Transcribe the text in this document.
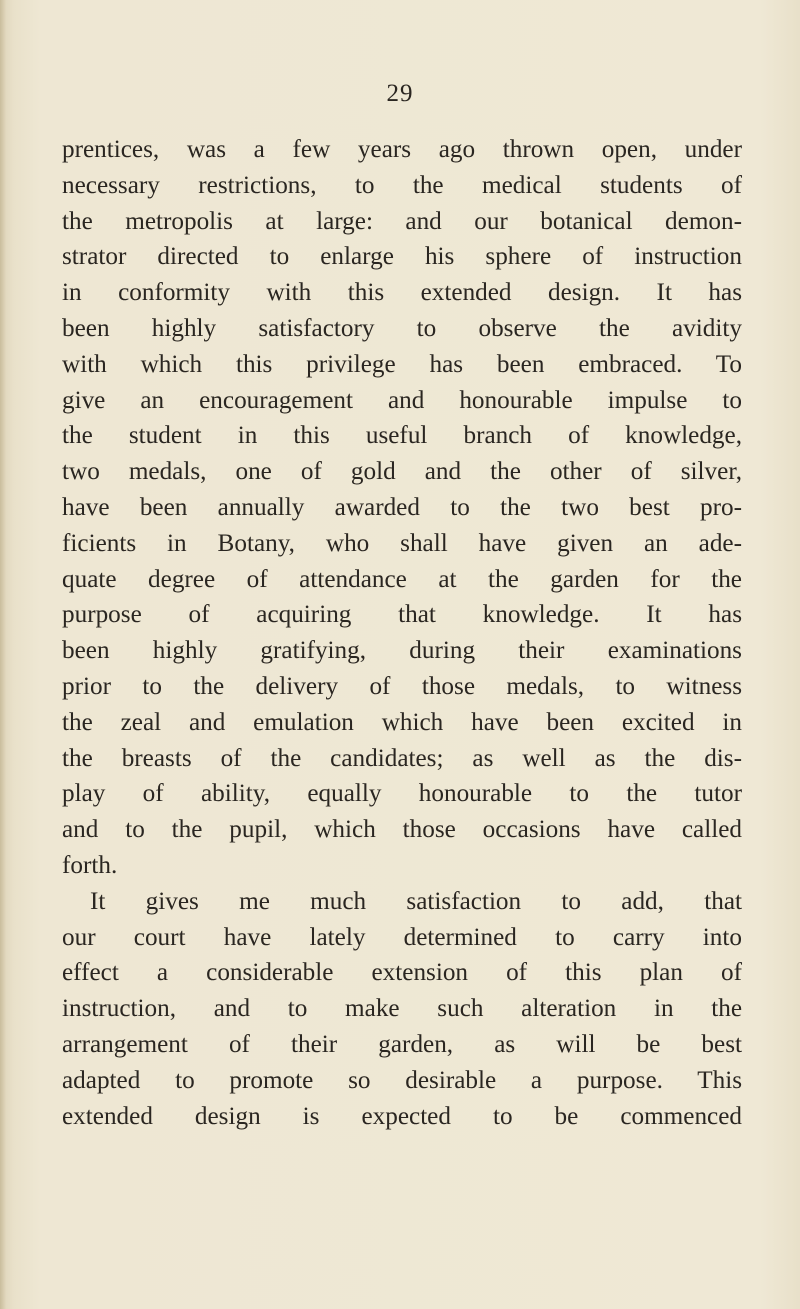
29
prentices, was a few years ago thrown open, under
necessary restrictions, to the medical students of
the metropolis at large: and our botanical demon-
strator directed to enlarge his sphere of instruction
in conformity with this extended design. It has
been highly satisfactory to observe the avidity
with which this privilege has been embraced. To
give an encouragement and honourable impulse to
the student in this useful branch of knowledge,
two medals, one of gold and the other of silver,
have been annually awarded to the two best pro-
ficients in Botany, who shall have given an ade-
quate degree of attendance at the garden for the
purpose of acquiring that knowledge. It has
been highly gratifying, during their examinations
prior to the delivery of those medals, to witness
the zeal and emulation which have been excited in
the breasts of the candidates; as well as the dis-
play of ability, equally honourable to the tutor
and to the pupil, which those occasions have called
forth.
It gives me much satisfaction to add, that
our court have lately determined to carry into
effect a considerable extension of this plan of
instruction, and to make such alteration in the
arrangement of their garden, as will be best
adapted to promote so desirable a purpose. This
extended design is expected to be commenced
